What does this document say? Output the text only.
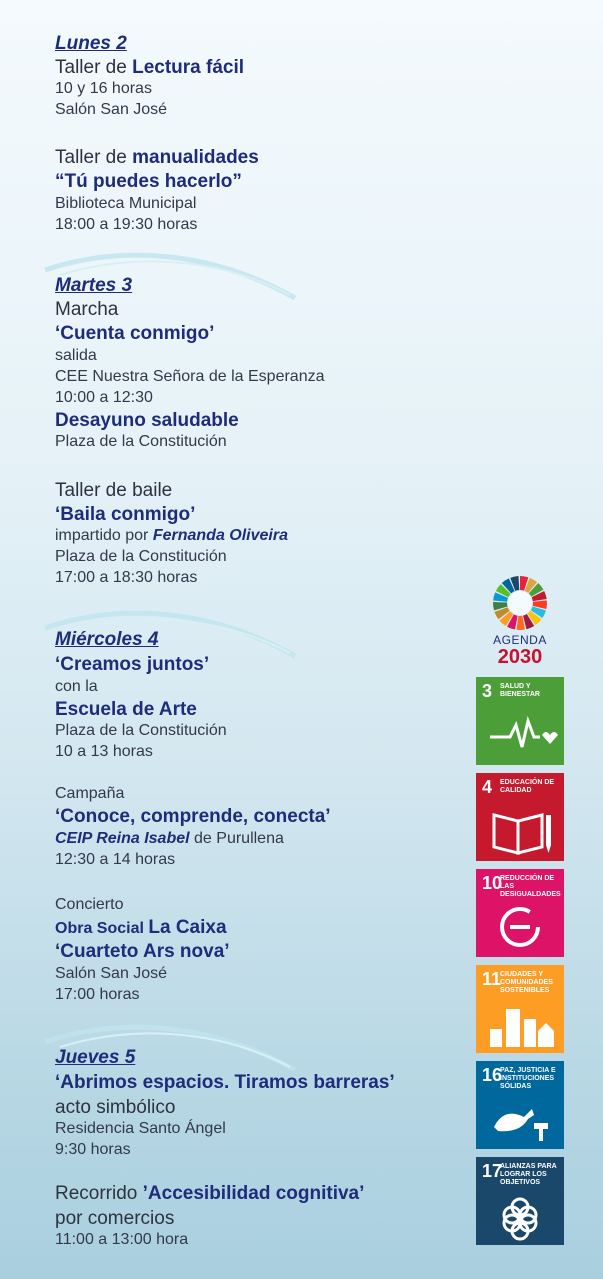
Lunes 2
Taller de Lectura fácil
10 y 16 horas
Salón San José
Taller de manualidades
“Tú puedes hacerlo”
Biblioteca Municipal
18:00 a 19:30 horas
Martes 3
Marcha
‘Cuenta conmigo’
salida
CEE Nuestra Señora de la Esperanza
10:00 a 12:30
Desayuno saludable
Plaza de la Constitución
Taller de baile
‘Baila conmigo’
impartido por Fernanda Oliveira
Plaza de la Constitución
17:00 a 18:30 horas
Miércoles 4
‘Creamos juntos’
con la
Escuela de Arte
Plaza de la Constitución
10 a 13 horas
Campaña
‘Conoce, comprende, conecta’
CEIP Reina Isabel de Purullena
12:30 a 14 horas
Concierto
Obra Social La Caixa
‘Cuarteto Ars nova’
Salón San José
17:00 horas
Jueves 5
‘Abrimos espacios. Tiramos barreras’
acto simbólico
Residencia Santo Ángel
9:30 horas
Recorrido ’Accesibilidad cognitiva’
por comercios
11:00 a 13:00 hora
AGENDA
2030
3 SALUD Y BIENESTAR
4 EDUCACIÓN DE CALIDAD
10
REDUCCIÓN DE LAS DESIGUALDADES
11
CIUDADES Y COMUNIDADES SOSTENIBLES
16
PAZ, JUSTICIA E INSTITUCIONES SÓLIDAS
17
ALIANZAS PARA LOGRAR LOS OBJETIVOS
